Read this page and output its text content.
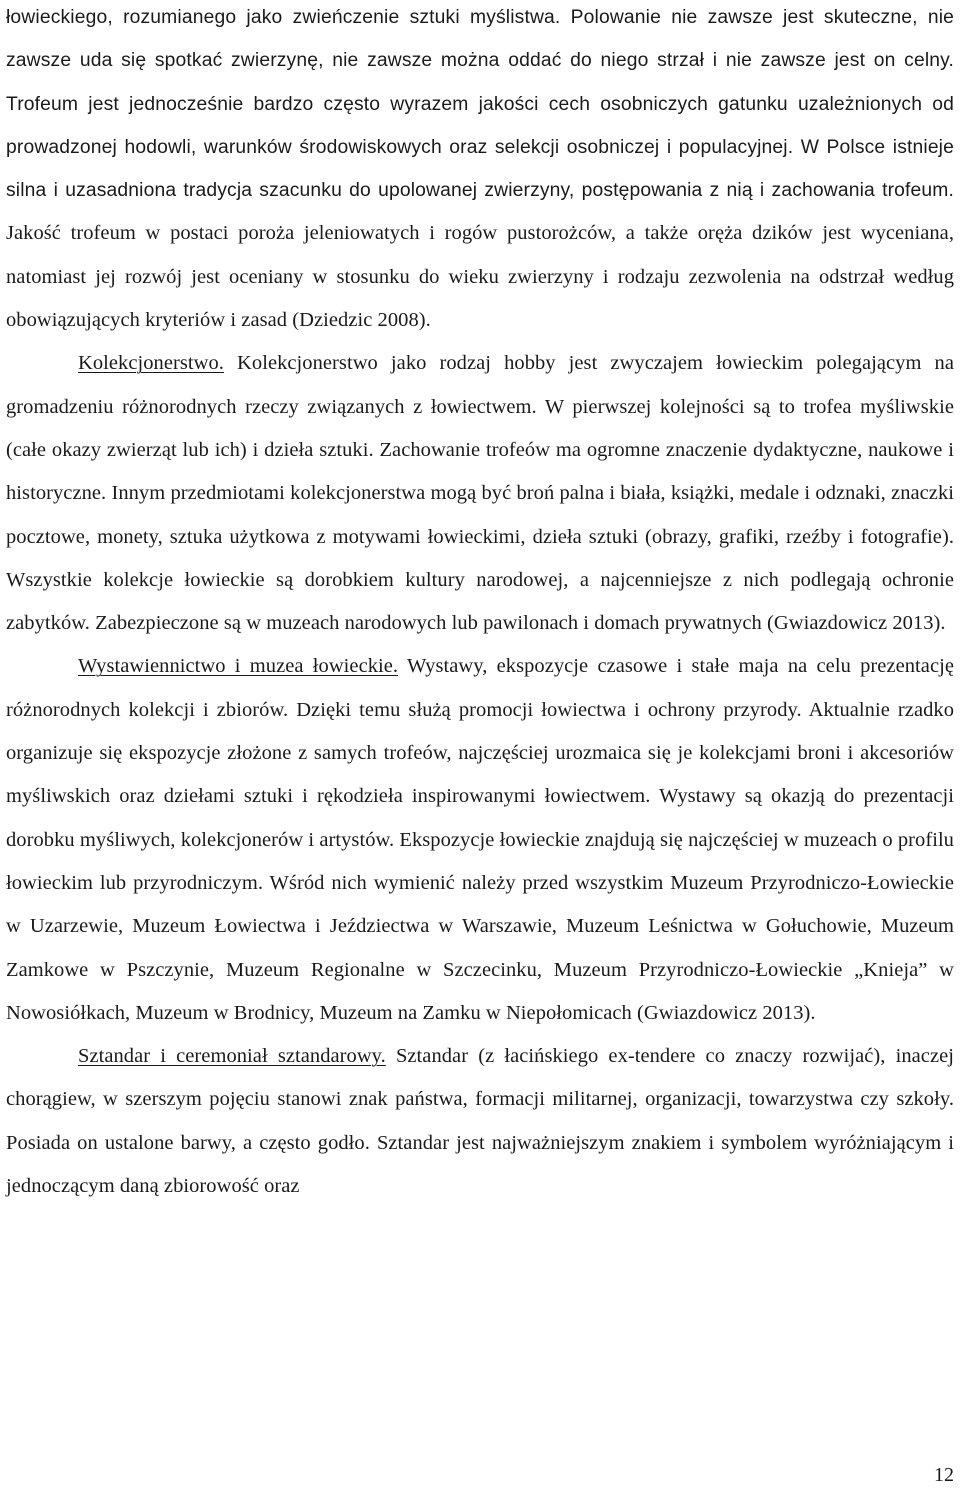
łowieckiego, rozumianego jako zwieńczenie sztuki myślistwa. Polowanie nie zawsze jest skuteczne, nie zawsze uda się spotkać zwierzynę, nie zawsze można oddać do niego strzał i nie zawsze jest on celny. Trofeum jest jednocześnie bardzo często wyrazem jakości cech osobniczych gatunku uzależnionych od prowadzonej hodowli, warunków środowiskowych oraz selekcji osobniczej i populacyjnej. W Polsce istnieje silna i uzasadniona tradycja szacunku do upolowanej zwierzyny, postępowania z nią i zachowania trofeum. Jakość trofeum w postaci poroża jeleniowatych i rogów pustorożców, a także oręża dzików jest wyceniana, natomiast jej rozwój jest oceniany w stosunku do wieku zwierzyny i rodzaju zezwolenia na odstrzał według obowiązujących kryteriów i zasad (Dziedzic 2008).

Kolekcjonerstwo. Kolekcjonerstwo jako rodzaj hobby jest zwyczajem łowieckim polegającym na gromadzeniu różnorodnych rzeczy związanych z łowiectwem. W pierwszej kolejności są to trofea myśliwskie (całe okazy zwierząt lub ich) i dzieła sztuki. Zachowanie trofeów ma ogromne znaczenie dydaktyczne, naukowe i historyczne. Innym przedmiotami kolekcjonerstwa mogą być broń palna i biała, książki, medale i odznaki, znaczki pocztowe, monety, sztuka użytkowa z motywami łowieckimi, dzieła sztuki (obrazy, grafiki, rzeźby i fotografie). Wszystkie kolekcje łowieckie są dorobkiem kultury narodowej, a najcenniejsze z nich podlegają ochronie zabytków. Zabezpieczone są w muzeach narodowych lub pawilonach i domach prywatnych (Gwiazdowicz 2013).

Wystawiennictwo i muzea łowieckie. Wystawy, ekspozycje czasowe i stałe maja na celu prezentację różnorodnych kolekcji i zbiorów. Dzięki temu służą promocji łowiectwa i ochrony przyrody. Aktualnie rzadko organizuje się ekspozycje złożone z samych trofeów, najczęściej urozmaica się je kolekcjami broni i akcesoriów myśliwskich oraz dziełami sztuki i rękodzieła inspirowanymi łowiectwem. Wystawy są okazją do prezentacji dorobku myśliwych, kolekcjonerów i artystów. Ekspozycje łowieckie znajdują się najczęściej w muzeach o profilu łowieckim lub przyrodniczym. Wśród nich wymienić należy przed wszystkim Muzeum Przyrodniczo-Łowieckie w Uzarzewie, Muzeum Łowiectwa i Jeździectwa w Warszawie, Muzeum Leśnictwa w Gołuchowie, Muzeum Zamkowe w Pszczynie, Muzeum Regionalne w Szczecinku, Muzeum Przyrodniczo-Łowieckie „Knieja” w Nowosiółkach, Muzeum w Brodnicy, Muzeum na Zamku w Niepołomicach (Gwiazdowicz 2013).

Sztandar i ceremoniał sztandarowy. Sztandar (z łacińskiego ex-tendere co znaczy rozwijać), inaczej chorągiew, w szerszym pojęciu stanowi znak państwa, formacji militarnej, organizacji, towarzystwa czy szkoły. Posiada on ustalone barwy, a często godło. Sztandar jest najważniejszym znakiem i symbolem wyróżniającym i jednoczącym daną zbiorowość oraz

12
